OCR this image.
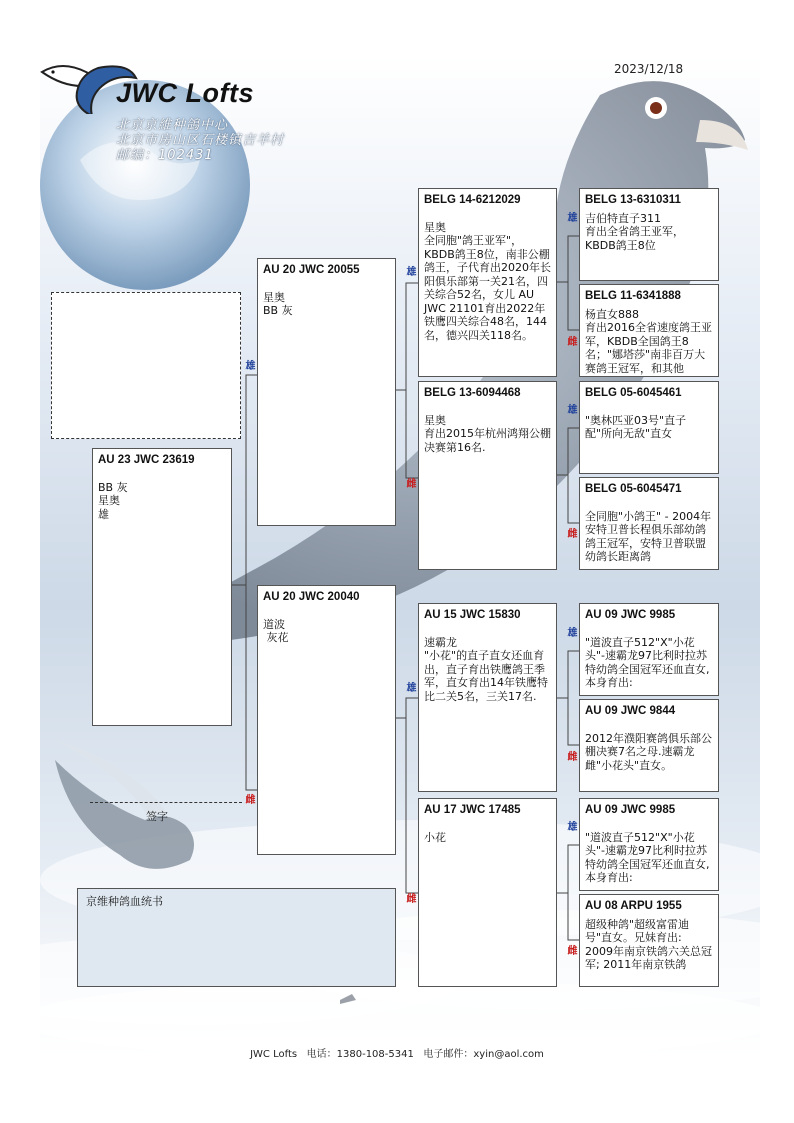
2023/12/18
JWC Lofts
北京京維种鴿中心
北京市房山区石楼镇吉羊村
邮编：102431
AU 23 JWC 23619
BB 灰
星奥
雄
雄
AU 20 JWC 20055
星奥
BB 灰
雌
AU 20 JWC 20040
道波
灰花
雄
BELG 14-6212029
星奥
全同胞"鸽王亚军"，KBDB鸽王8位，南非公棚鸽王，子代育出2020年长阳俱乐部第一关21名，四关综合52名，女儿 AU JWC 21101育出2022年铁鹰四关综合48名，144名，德兴四关118名。
雌
BELG 13-6094468
星奥
育出2015年杭州鸿翔公棚决赛第16名.
雄
AU 15 JWC 15830
速霸龙
"小花"的直子直女还血育出，直子育出铁鹰鸽王季军，直女育出14年铁鹰特比二关5名，三关17名.
雌
AU 17 JWC 17485
小花
雄
BELG 13-6310311
吉伯特直子311
育出全省鸽王亚军，KBDB鸽王8位
雌
BELG 11-6341888
杨直女888
育出2016全省速度鸽王亚军，KBDB全国鸽王8名；"娜塔莎"南非百万大赛鸽王冠军，和其他
雄
BELG 05-6045461
"奥林匹亚03号"直子配"所向无敌"直女
雌
BELG 05-6045471
全同胞"小鸽王" - 2004年安特卫普长程俱乐部幼鸽鸽王冠军，安特卫普联盟幼鸽长距离鸽
雄
AU 09 JWC 9985
"道波直子512"X"小花头"-速霸龙97比利时拉苏特幼鸽全国冠军还血直女, 本身育出:
雌
AU 09 JWC 9844
2012年濮阳赛鸽俱乐部公棚决赛7名之母.速霸龙雌"小花头"直女。
雄
AU 09 JWC 9985
"道波直子512"X"小花头"-速霸龙97比利时拉苏特幼鸽全国冠军还血直女, 本身育出:
雌
AU 08 ARPU 1955
超级种鸽"超级富雷迪号"直女。兄妹育出:
2009年南京铁鸽六关总冠军; 2011年南京铁鸽
签字
京维种鸽血统书
JWC Lofts 电话：1380-108-5341 电子邮件：xyin@aol.com
